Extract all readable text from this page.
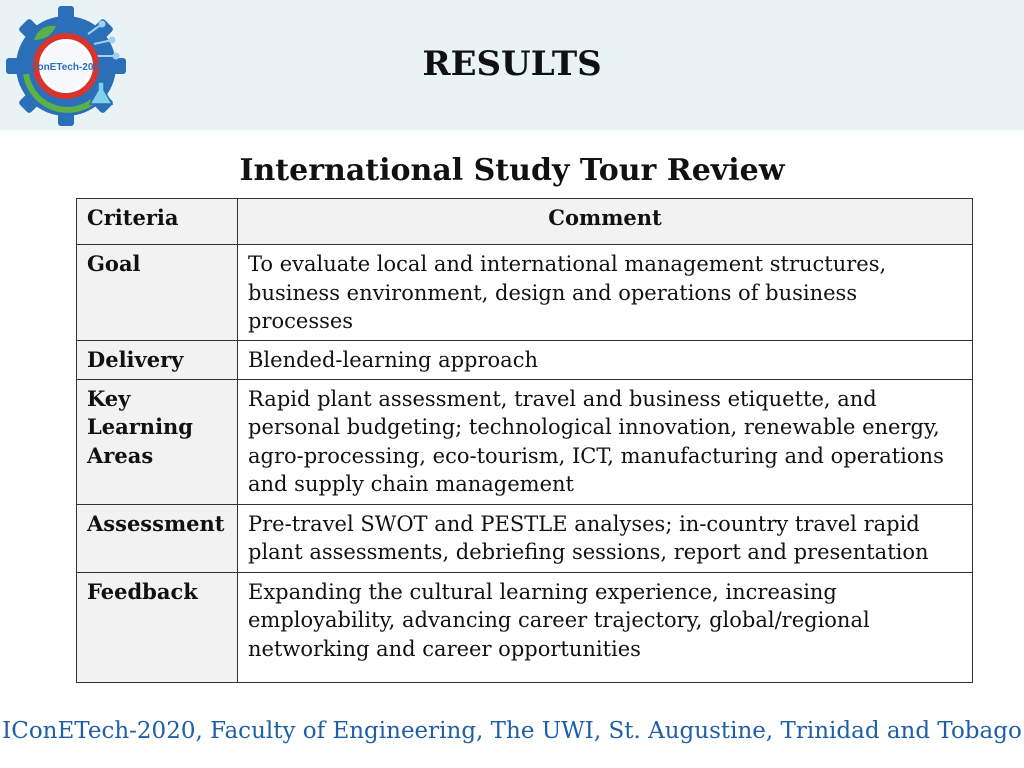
IConETech-2020	RESULTS
International Study Tour Review
Criteria	Comment
Goal	To evaluate local and international management structures, business environment, design and operations of business processes
Delivery	Blended-learning approach
Key Learning Areas	Rapid plant assessment, travel and business etiquette, and personal budgeting; technological innovation, renewable energy, agro-processing, eco-tourism, ICT, manufacturing and operations and supply chain management
Assessment	Pre-travel SWOT and PESTLE analyses; in-country travel rapid plant assessments, debriefing sessions, report and presentation
Feedback	Expanding the cultural learning experience, increasing employability, advancing career trajectory, global/regional networking and career opportunities
IConETech-2020, Faculty of Engineering, The UWI, St. Augustine, Trinidad and Tobago
